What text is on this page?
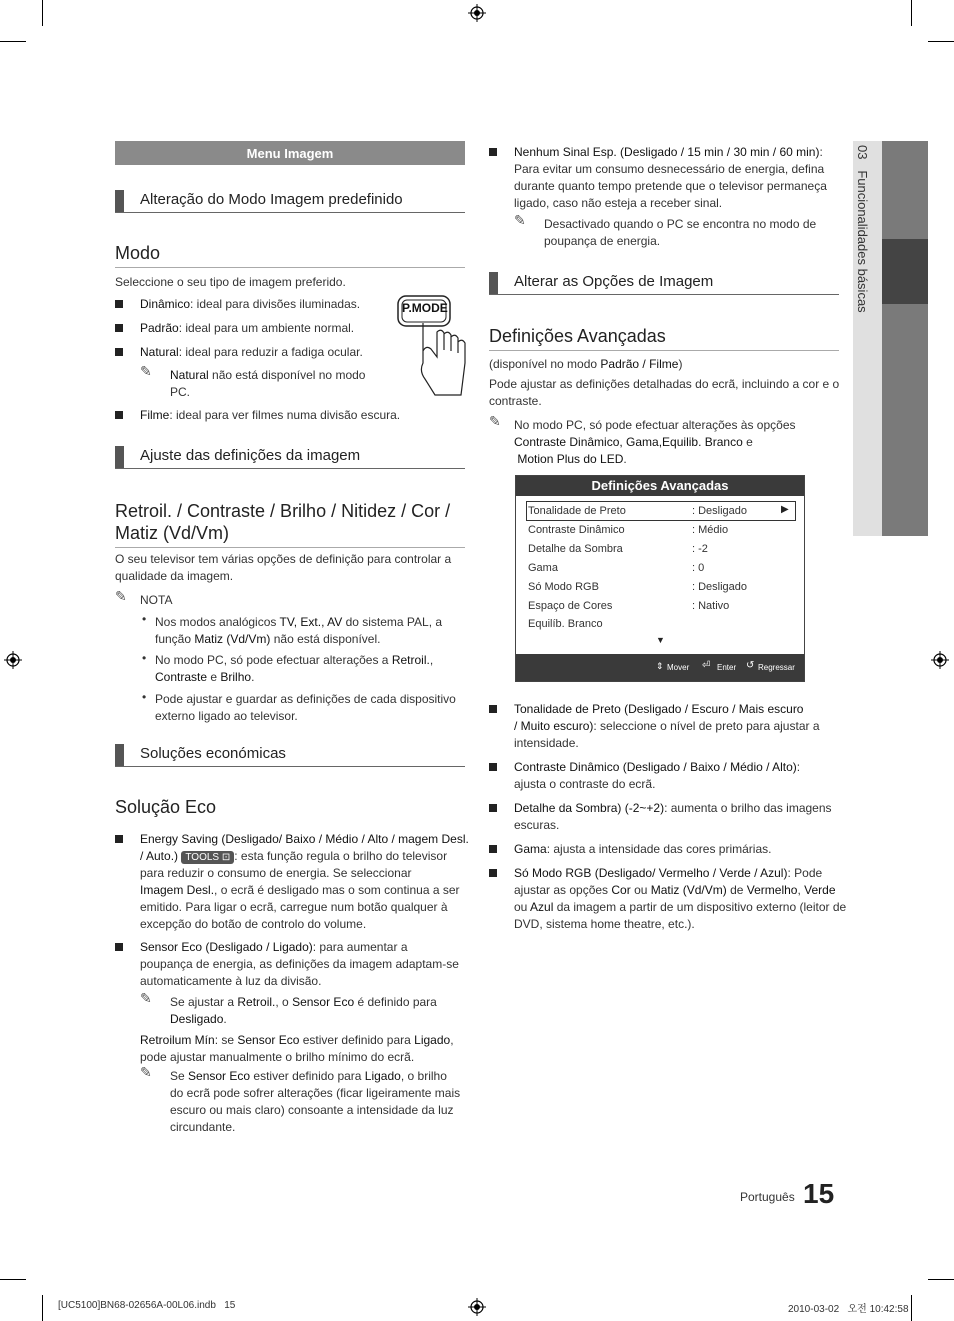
03   Funcionalidades básicas
Menu Imagem
Alteração do Modo Imagem predefinido
Modo
Seleccione o seu tipo de imagem preferido.
Dinâmico: ideal para divisões iluminadas.
Padrão: ideal para um ambiente normal.
Natural: ideal para reduzir a fadiga ocular.
✎ Natural não está disponível no modo
PC.
Filme: ideal para ver filmes numa divisão escura.
P.MODE
Ajuste das definições da imagem
Retroil. / Contraste / Brilho / Nitidez / Cor /
Matiz (Vd/Vm)
O seu televisor tem várias opções de definição para controlar a
qualidade da imagem.
✎ NOTA
• Nos modos analógicos TV, Ext., AV do sistema PAL, a
função Matiz (Vd/Vm) não está disponível.
• No modo PC, só pode efectuar alterações a Retroil.,
Contraste e Brilho.
• Pode ajustar e guardar as definições de cada dispositivo
externo ligado ao televisor.
Soluções económicas
Solução Eco
Energy Saving (Desligado/ Baixo / Médio / Alto / magem Desl.
/ Auto.) TOOLS ⊡ : esta função regula o brilho do televisor
para reduzir o consumo de energia. Se seleccionar
Imagem Desl., o ecrã é desligado mas o som continua a ser
emitido. Para ligar o ecrã, carregue num botão qualquer à
excepção do botão de controlo do volume.
Sensor Eco (Desligado / Ligado): para aumentar a
poupança de energia, as definições da imagem adaptam-se
automaticamente à luz da divisão.
✎ Se ajustar a Retroil., o Sensor Eco é definido para
Desligado.
Retroilum Mín: se Sensor Eco estiver definido para Ligado,
pode ajustar manualmente o brilho mínimo do ecrã.
✎ Se Sensor Eco estiver definido para Ligado, o brilho
do ecrã pode sofrer alterações (ficar ligeiramente mais
escuro ou mais claro) consoante a intensidade da luz
circundante.
Nenhum Sinal Esp. (Desligado / 15 min / 30 min / 60 min):
Para evitar um consumo desnecessário de energia, defina
durante quanto tempo pretende que o televisor permaneça
ligado, caso não esteja a receber sinal.
✎ Desactivado quando o PC se encontra no modo de
poupança de energia.
Alterar as Opções de Imagem
Definições Avançadas
(disponível no modo Padrão / Filme)
Pode ajustar as definições detalhadas do ecrã, incluindo a cor e o
contraste.
✎ No modo PC, só pode efectuar alterações às opções
Contraste Dinâmico, Gama,Equilib. Branco e
Motion Plus do LED.
Definições Avançadas
Tonalidade de Preto	: Desligado	▶
Contraste Dinâmico	: Médio
Detalhe da Sombra	: -2
Gama	: 0
Só Modo RGB	: Desligado
Espaço de Cores	: Nativo
Equilíb. Branco
▼
⇕ Mover ⏎ Enter ↺ Regressar
Tonalidade de Preto (Desligado / Escuro / Mais escuro
/ Muito escuro): seleccione o nível de preto para ajustar a
intensidade.
Contraste Dinâmico (Desligado / Baixo / Médio / Alto):
ajusta o contraste do ecrã.
Detalhe da Sombra) (-2~+2): aumenta o brilho das imagens
escuras.
Gama: ajusta a intensidade das cores primárias.
Só Modo RGB (Desligado/ Vermelho / Verde / Azul): Pode
ajustar as opções Cor ou Matiz (Vd/Vm) de Vermelho, Verde
ou Azul da imagem a partir de um dispositivo externo (leitor de
DVD, sistema home theatre, etc.).
Português 15
[UC5100]BN68-02656A-00L06.indb   15	2010-03-02   오전 10:42:58
